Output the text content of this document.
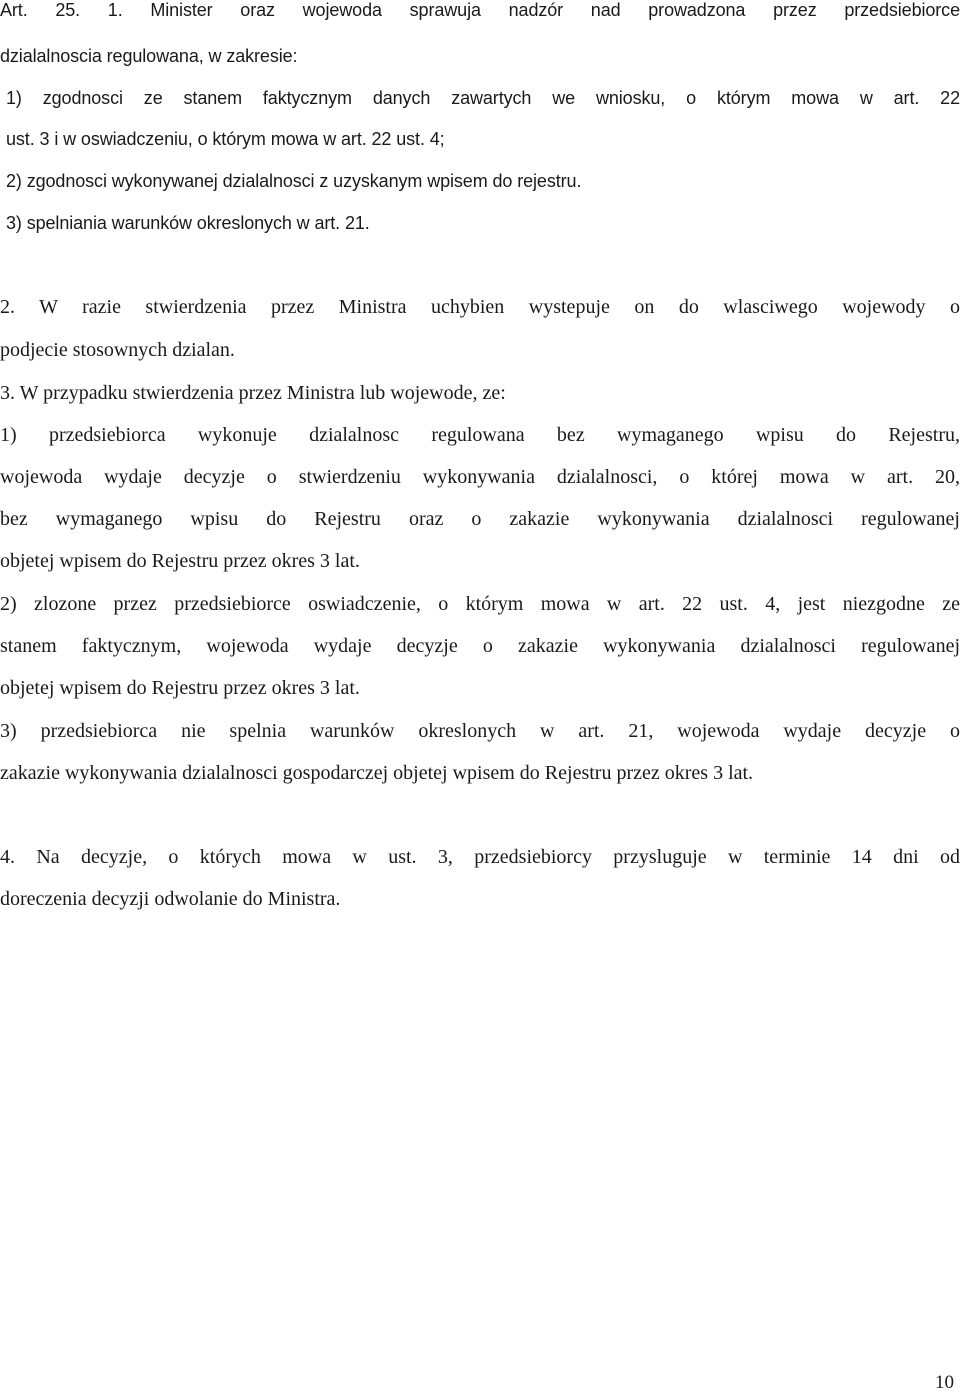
Art. 25. 1. Minister oraz wojewoda sprawuja nadzór nad prowadzona przez przedsiebiorce

dzialalnoscia regulowana, w zakresie:

1) zgodnosci ze stanem faktycznym danych zawartych we wniosku, o którym mowa w art. 22

ust. 3 i w oswiadczeniu, o którym mowa w art. 22 ust. 4;

2) zgodnosci wykonywanej dzialalnosci z uzyskanym wpisem do rejestru.

3) spelniania warunków okreslonych w art. 21.

2. W razie stwierdzenia przez Ministra uchybien wystepuje on do wlasciwego wojewody o

podjecie stosownych dzialan.

3. W przypadku stwierdzenia przez Ministra lub wojewode, ze:

1) przedsiebiorca wykonuje dzialalnosc regulowana bez wymaganego wpisu do Rejestru,

wojewoda wydaje decyzje o stwierdzeniu wykonywania dzialalnosci, o której mowa w art. 20,

bez wymaganego wpisu do Rejestru oraz o zakazie wykonywania dzialalnosci regulowanej

objetej wpisem do Rejestru przez okres 3 lat.

2) zlozone przez przedsiebiorce oswiadczenie, o którym mowa w art. 22 ust. 4, jest niezgodne ze

stanem faktycznym, wojewoda wydaje decyzje o zakazie wykonywania dzialalnosci regulowanej

objetej wpisem do Rejestru przez okres 3 lat.

3) przedsiebiorca nie spelnia warunków okreslonych w art. 21, wojewoda wydaje decyzje o

zakazie wykonywania dzialalnosci gospodarczej objetej wpisem do Rejestru przez okres 3 lat.

4. Na decyzje, o których mowa w ust. 3, przedsiebiorcy przysluguje w terminie 14 dni od

doreczenia decyzji odwolanie do Ministra.

10
